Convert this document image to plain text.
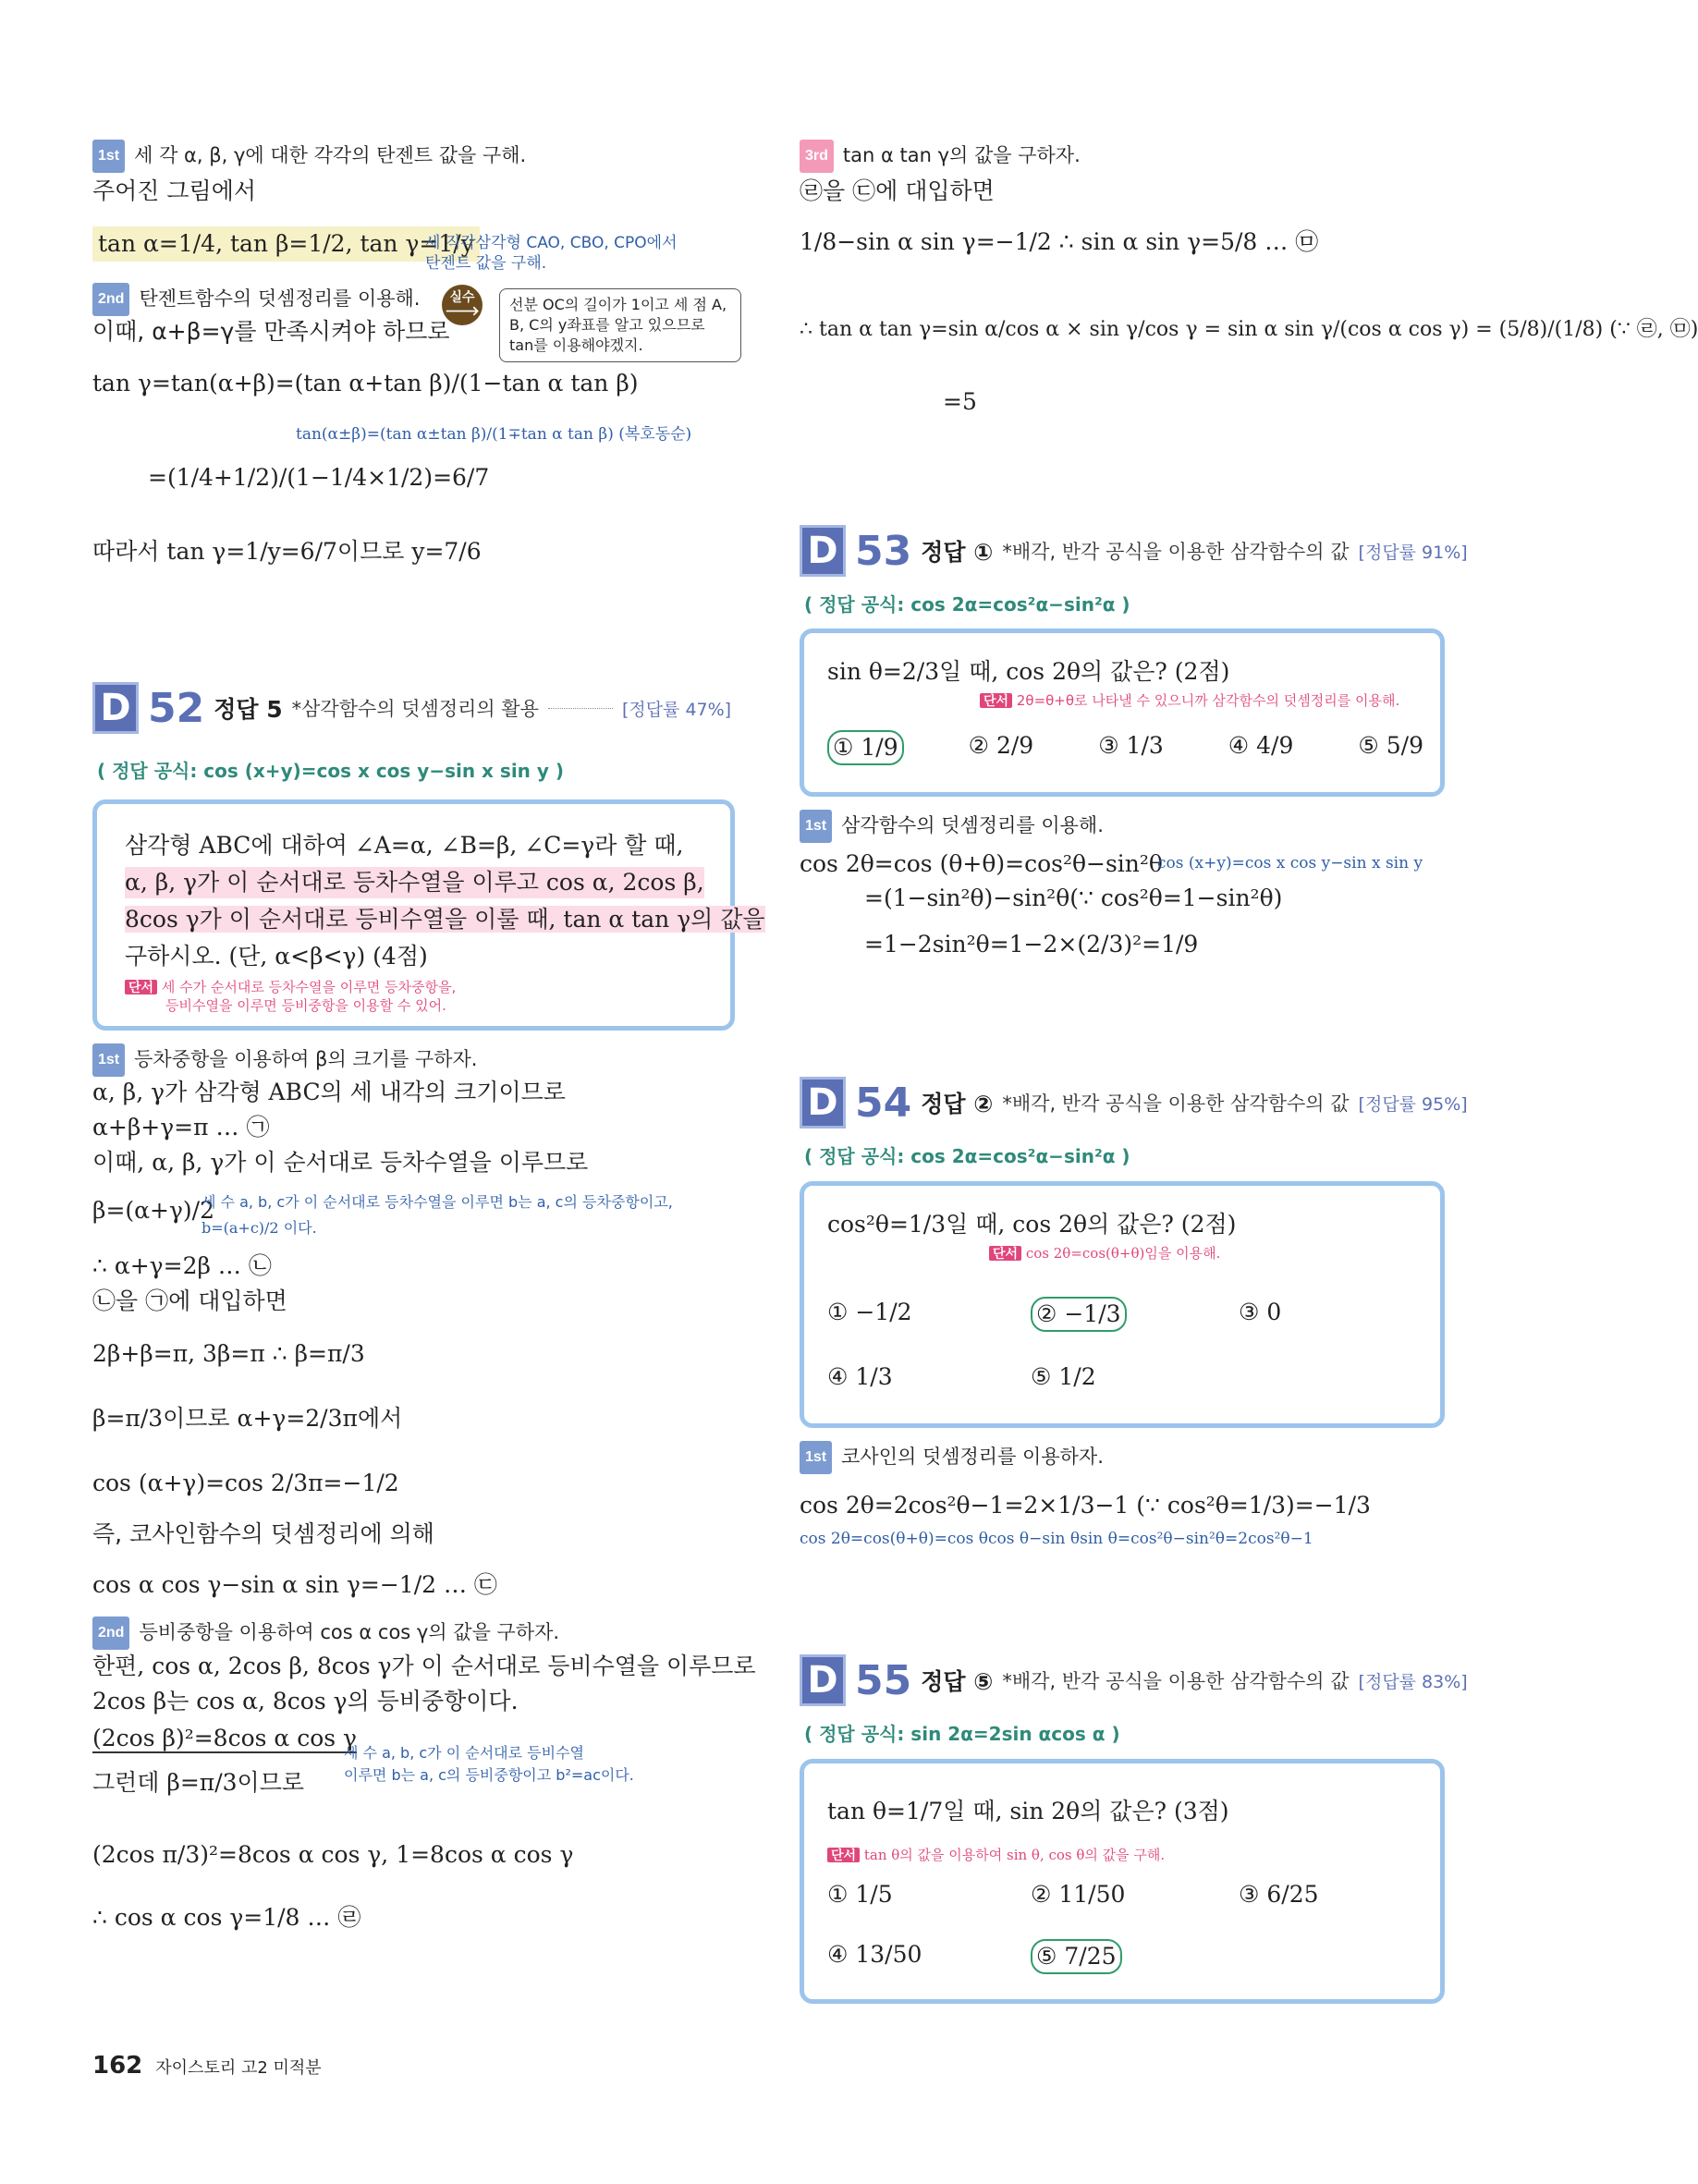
1st 세 각 α, β, γ에 대한 각각의 탄젠트 값을 구해.
주어진 그림에서
tan α=1/4, tan β=1/2, tan γ=1/y
세 직각삼각형 CAO, CBO, CPO에서 탄젠트 값을 구해.
2nd 탄젠트함수의 덧셈정리를 이용해.
이때, α+β=γ를 만족시켜야 하므로
실수 🡒	선분 OC의 길이가 1이고 세 점 A, B, C의 y좌표를 알고 있으므로 tan를 이용해야겠지.
tan γ=tan(α+β)=(tan α+tan β)/(1−tan α tan β)
tan(α±β)=(tan α±tan β)/(1∓tan α tan β) (복호동순)
=(1/4+1/2)/(1−1/4×1/2)=6/7
따라서 tan γ=1/y=6/7이므로 y=7/6
D 52 정답 5 *삼각함수의 덧셈정리의 활용	[정답률 47%]
( 정답 공식: cos (x+y)=cos x cos y−sin x sin y )
삼각형 ABC에 대하여 ∠A=α, ∠B=β, ∠C=γ라 할 때,
α, β, γ가 이 순서대로 등차수열을 이루고 cos α, 2cos β,
8cos γ가 이 순서대로 등비수열을 이룰 때, tan α tan γ의 값을
구하시오. (단, α<β<γ) (4점)
단서 세 수가 순서대로 등차수열을 이루면 등차중항을,
등비수열을 이루면 등비중항을 이용할 수 있어.
1st 등차중항을 이용하여 β의 크기를 구하자.
α, β, γ가 삼각형 ABC의 세 내각의 크기이므로
α+β+γ=π … ㉠
이때, α, β, γ가 이 순서대로 등차수열을 이루므로
β=(α+γ)/2
세 수 a, b, c가 이 순서대로 등차수열을 이루면 b는 a, c의 등차중항이고,
b=(a+c)/2 이다.
∴ α+γ=2β … ㉡
㉡을 ㉠에 대입하면
2β+β=π, 3β=π ∴ β=π/3
β=π/3이므로 α+γ=2/3π에서
cos (α+γ)=cos 2/3π=−1/2
즉, 코사인함수의 덧셈정리에 의해
cos α cos γ−sin α sin γ=−1/2 … ㉢
2nd 등비중항을 이용하여 cos α cos γ의 값을 구하자.
한편, cos α, 2cos β, 8cos γ가 이 순서대로 등비수열을 이루므로
2cos β는 cos α, 8cos γ의 등비중항이다.
(2cos β)²=8cos α cos γ
세 수 a, b, c가 이 순서대로 등비수열
이루면 b는 a, c의 등비중항이고 b²=ac이다.
그런데 β=π/3이므로
(2cos π/3)²=8cos α cos γ, 1=8cos α cos γ
∴ cos α cos γ=1/8 … ㉣
3rd tan α tan γ의 값을 구하자.
㉣을 ㉢에 대입하면
1/8−sin α sin γ=−1/2 ∴ sin α sin γ=5/8 … ㉤
∴ tan α tan γ=sin α/cos α × sin γ/cos γ = sin α sin γ/(cos α cos γ) = (5/8)/(1/8) (∵ ㉣, ㉤)
=5
D 53 정답 ① *배각, 반각 공식을 이용한 삼각함수의 값 [정답률 91%]
( 정답 공식: cos 2α=cos²α−sin²α )
sin θ=2/3일 때, cos 2θ의 값은? (2점)
단서 2θ=θ+θ로 나타낼 수 있으니까 삼각함수의 덧셈정리를 이용해.
① 1/9	② 2/9	③ 1/3	④ 4/9	⑤ 5/9
1st 삼각함수의 덧셈정리를 이용해.
cos 2θ=cos (θ+θ)=cos²θ−sin²θ
cos (x+y)=cos x cos y−sin x sin y
=(1−sin²θ)−sin²θ(∵ cos²θ=1−sin²θ)
=1−2sin²θ=1−2×(2/3)²=1/9
D 54 정답 ② *배각, 반각 공식을 이용한 삼각함수의 값 [정답률 95%]
( 정답 공식: cos 2α=cos²α−sin²α )
cos²θ=1/3일 때, cos 2θ의 값은? (2점)
단서 cos 2θ=cos(θ+θ)임을 이용해.
① −1/2	② −1/3	③ 0
④ 1/3	⑤ 1/2
1st 코사인의 덧셈정리를 이용하자.
cos 2θ=2cos²θ−1=2×1/3−1 (∵ cos²θ=1/3)=−1/3
cos 2θ=cos(θ+θ)=cos θcos θ−sin θsin θ=cos²θ−sin²θ=2cos²θ−1
D 55 정답 ⑤ *배각, 반각 공식을 이용한 삼각함수의 값 [정답률 83%]
( 정답 공식: sin 2α=2sin αcos α )
tan θ=1/7일 때, sin 2θ의 값은? (3점)
단서 tan θ의 값을 이용하여 sin θ, cos θ의 값을 구해.
① 1/5	② 11/50	③ 6/25
④ 13/50	⑤ 7/25
162 자이스토리 고2 미적분
